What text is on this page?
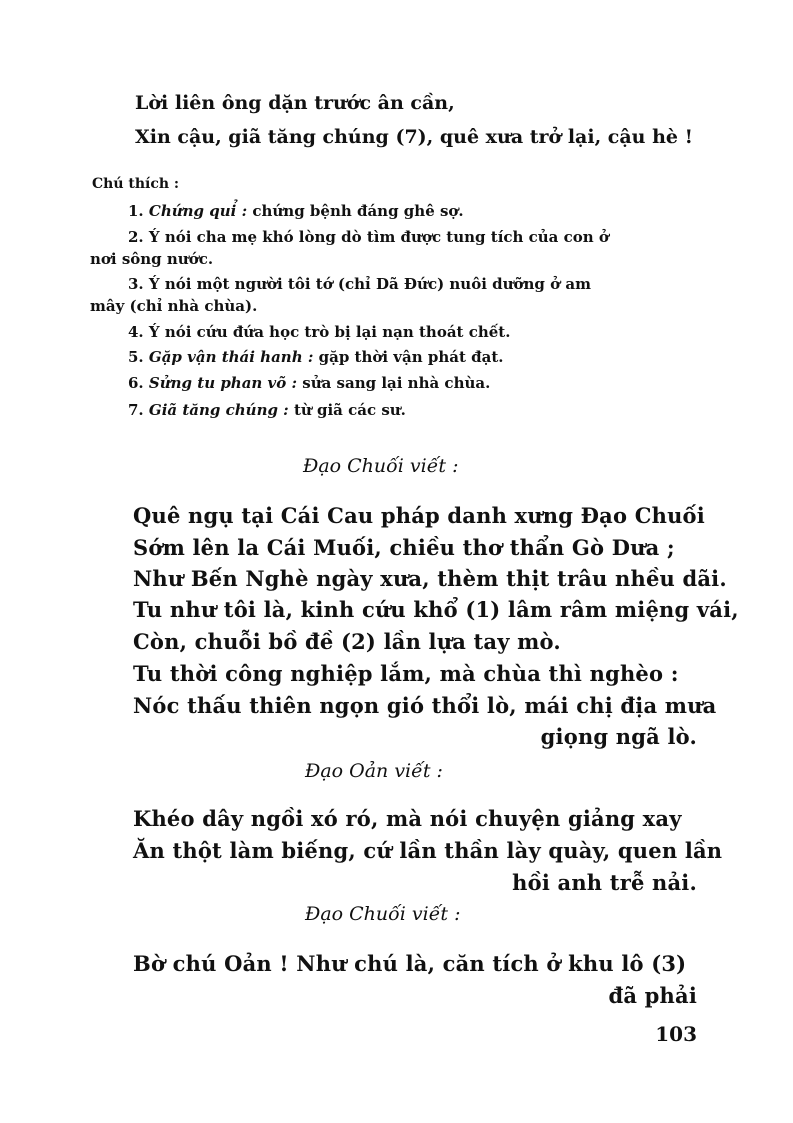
Lời liên ông dặn trước ân cần,
Xin cậu, giã tăng chúng (7), quê xưa trở lại, cậu hè !
Chú thích :
1. Chứng quỉ : chứng bệnh đáng ghê sợ.
2. Ý nói cha mẹ khó lòng dò tìm được tung tích của con ở
nơi sông nước.
3. Ý nói một người tôi tớ (chỉ Dã Đức) nuôi dưỡng ở am
mây (chỉ nhà chùa).
4. Ý nói cứu đứa học trò bị lại nạn thoát chết.
5. Gặp vận thái hanh : gặp thời vận phát đạt.
6. Sửng tu phan võ : sửa sang lại nhà chùa.
7. Giã tăng chúng : từ giã các sư.
Đạo Chuối viết :
Quê ngụ tại Cái Cau pháp danh xưng Đạo Chuối
Sớm lên la Cái Muối, chiều thơ thẩn Gò Dưa ;
Như Bến Nghè ngày xưa, thèm thịt trâu nhều dãi.
Tu như tôi là, kinh cứu khổ (1) lâm râm miệng vái,
Còn, chuỗi bồ đề (2) lần lựa tay mò.
Tu thời công nghiệp lắm, mà chùa thì nghèo :
Nóc thấu thiên ngọn gió thổi lò, mái chị địa mưa
giọng ngã lò.
Đạo Oản viết :
Khéo dây ngồi xó ró, mà nói chuyện giảng xay
Ăn thột làm biếng, cứ lần thần lày quày, quen lần
hồi anh trễ nải.
Đạo Chuối viết :
Bờ chú Oản ! Như chú là, căn tích ở khu lô (3)
đã phải
103
